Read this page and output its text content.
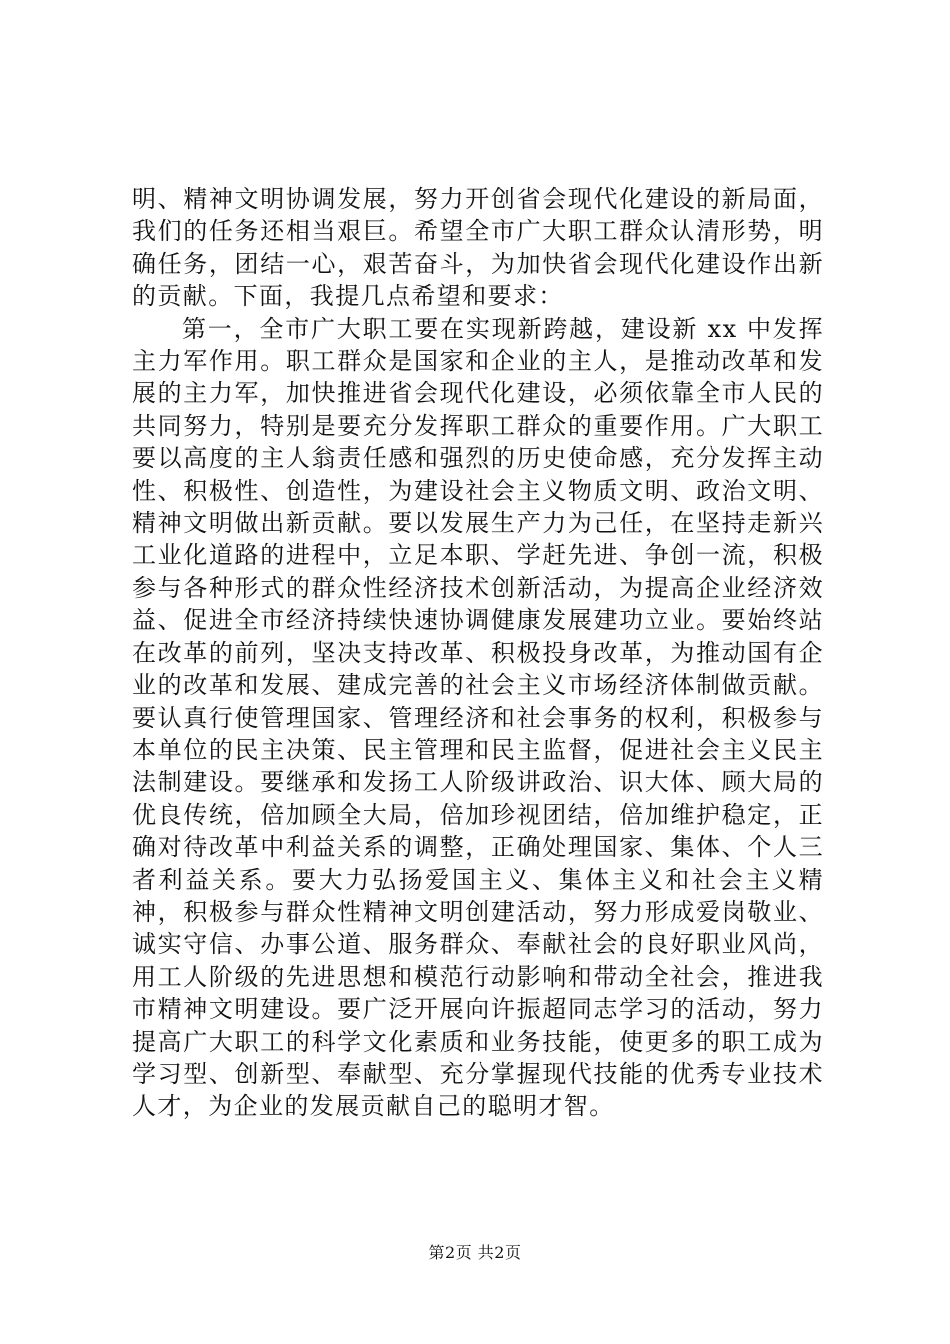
明、精神文明协调发展，努力开创省会现代化建设的新局面，我们的任务还相当艰巨。希望全市广大职工群众认清形势，明确任务，团结一心，艰苦奋斗，为加快省会现代化建设作出新的贡献。下面，我提几点希望和要求：

第一，全市广大职工要在实现新跨越，建设新 xx 中发挥主力军作用。职工群众是国家和企业的主人，是推动改革和发展的主力军，加快推进省会现代化建设，必须依靠全市人民的共同努力，特别是要充分发挥职工群众的重要作用。广大职工要以高度的主人翁责任感和强烈的历史使命感，充分发挥主动性、积极性、创造性，为建设社会主义物质文明、政治文明、精神文明做出新贡献。要以发展生产力为己任，在坚持走新兴工业化道路的进程中，立足本职、学赶先进、争创一流，积极参与各种形式的群众性经济技术创新活动，为提高企业经济效益、促进全市经济持续快速协调健康发展建功立业。要始终站在改革的前列，坚决支持改革、积极投身改革，为推动国有企业的改革和发展、建成完善的社会主义市场经济体制做贡献。要认真行使管理国家、管理经济和社会事务的权利，积极参与本单位的民主决策、民主管理和民主监督，促进社会主义民主法制建设。要继承和发扬工人阶级讲政治、识大体、顾大局的优良传统，倍加顾全大局，倍加珍视团结，倍加维护稳定，正确对待改革中利益关系的调整，正确处理国家、集体、个人三者利益关系。要大力弘扬爱国主义、集体主义和社会主义精神，积极参与群众性精神文明创建活动，努力形成爱岗敬业、诚实守信、办事公道、服务群众、奉献社会的良好职业风尚，用工人阶级的先进思想和模范行动影响和带动全社会，推进我市精神文明建设。要广泛开展向许振超同志学习的活动，努力提高广大职工的科学文化素质和业务技能，使更多的职工成为学习型、创新型、奉献型、充分掌握现代技能的优秀专业技术人才，为企业的发展贡献自己的聪明才智。

第2页 共2页
